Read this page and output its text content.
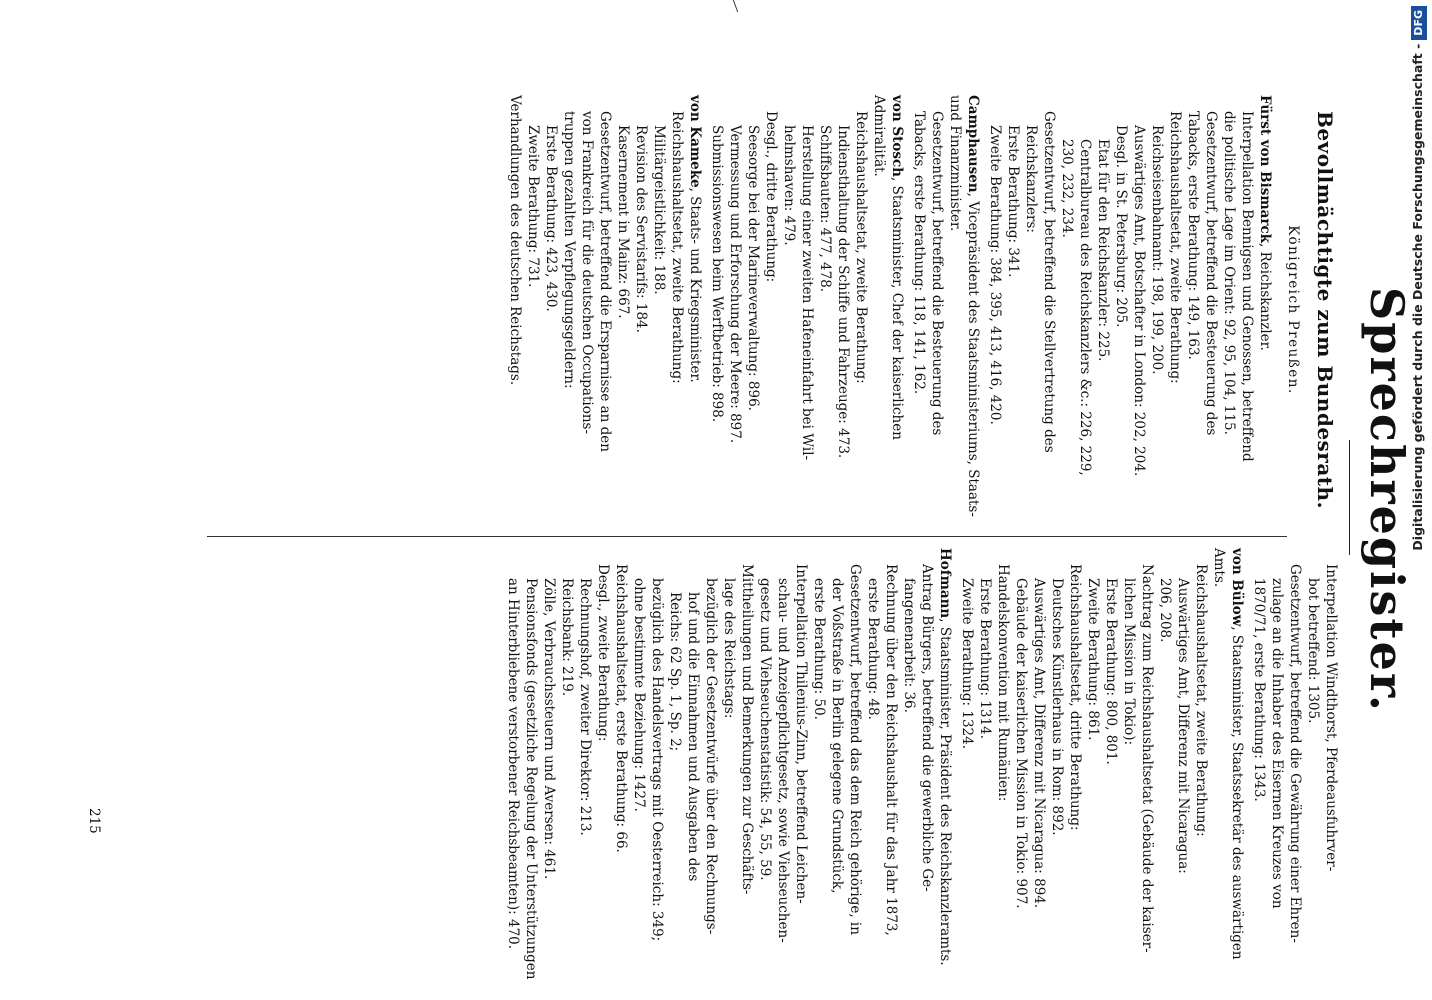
Sprechregister.
Bevollmächtigte zum Bundesrath.
Königreich Preußen.
Fürst von Bismarck, Reichskanzler.
Interpellation Bennigsen und Genossen, betreffend
die politische Lage im Orient: 92, 95, 104, 115.
Gesetzentwurf, betreffend die Besteuerung des
Tabacks, erste Berathung: 149, 163.
Reichshaushaltsetat, zweite Berathung:
Reichseisenbahnamt: 198, 199, 200.
Auswärtiges Amt, Botschafter in London: 202, 204.
Desgl. in St. Petersburg: 205.
Etat für den Reichskanzler: 225.
Centralbureau des Reichskanzlers &c.: 226, 229,
230, 232, 234.
Gesetzentwurf, betreffend die Stellvertretung des
Reichskanzlers:
Erste Berathung: 341.
Zweite Berathung: 384, 395, 413, 416, 420.
Camphausen, Vicepräsident des Staatsministeriums, Staats-
und Finanzminister.
Gesetzentwurf, betreffend die Besteuerung des
Tabacks, erste Berathung: 118, 141, 162.
von Stosch, Staatsminister, Chef der kaiserlichen Admiralität.
Reichshaushaltsetat, zweite Berathung:
Indiensthaltung der Schiffe und Fahrzeuge: 473.
Schiffsbauten: 477, 478.
Herstellung einer zweiten Hafeneinfahrt bei Wil-
helmshaven: 479.
Desgl., dritte Berathung:
Seesorge bei der Marineverwaltung: 896.
Vermessung und Erforschung der Meere: 897.
Submissionswesen beim Werftbetrieb: 898.
von Kameke, Staats- und Kriegsminister.
Reichshaushaltsetat, zweite Berathung:
Militärgeistlichkeit: 188.
Revision des Servistarifs: 184.
Kasernement in Mainz: 667.
Gesetzentwurf, betreffend die Ersparnisse an den
von Frankreich für die deutschen Occupations-
truppen gezahlten Verpflegungsgeldern:
Erste Berathung: 423, 430.
Zweite Berathung: 731.
Verhandlungen des deutschen Reichstags.
Interpellation Windthorst, Pferdeausfuhrver-
bot betreffend: 1305.
Gesetzentwurf, betreffend die Gewährung einer Ehren-
zulage an die Inhaber des Eisernen Kreuzes von
1870/71, erste Berathung: 1343.
von Bülow, Staatsminister, Staatssekretär des auswärtigen
Amts.
Reichshaushaltsetat, zweite Berathung:
Auswärtiges Amt, Differenz mit Nicaragua:
206, 208.
Nachtrag zum Reichshaushaltsetat (Gebäude der kaiser-
lichen Mission in Tokio):
Erste Berathung: 800, 801.
Zweite Berathung: 861.
Reichshaushaltsetat, dritte Berathung:
Deutsches Künstlerhaus in Rom: 892.
Auswärtiges Amt, Differenz mit Nicaragua: 894.
Gebäude der kaiserlichen Mission in Tokio: 907.
Handelskonvention mit Rumänien:
Erste Berathung: 1314.
Zweite Berathung: 1324.
Hofmann, Staatsminister, Präsident des Reichskanzleramts.
Antrag Bürgers, betreffend die gewerbliche Ge-
fangenenarbeit: 36.
Rechnung über den Reichshaushalt für das Jahr 1873,
erste Berathung: 48.
Gesetzentwurf, betreffend das dem Reich gehörige, in
der Voßstraße in Berlin gelegene Grundstück,
erste Berathung: 50.
Interpellation Thilenius-Zinn, betreffend Leichen-
schau- und Anzeigepflichtgesetz, sowie Viehseuchen-
gesetz und Viehseuchenstatistik: 54, 55, 59.
Mittheilungen und Bemerkungen zur Geschäfts-
lage des Reichstags:
bezüglich der Gesetzentwürfe über den Rechnungs-
hof und die Einnahmen und Ausgaben des
Reichs: 62 Sp. 1, Sp. 2;
bezüglich des Handelsvertrags mit Oesterreich: 349;
ohne bestimmte Beziehung: 1427.
Reichshaushaltsetat, erste Berathung: 66.
Desgl., zweite Berathung:
Rechnungshof, zweiter Direktor: 213.
Reichsbank: 219.
Zölle, Verbrauchssteuern und Aversen: 461.
Pensionsfonds (gesetzliche Regelung der Unterstützungen
an Hinterbliebene verstorbener Reichsbeamten): 470.
215
Digitalisierung gefördert durch die Deutsche Forschungsgemeinschaft -DFG
